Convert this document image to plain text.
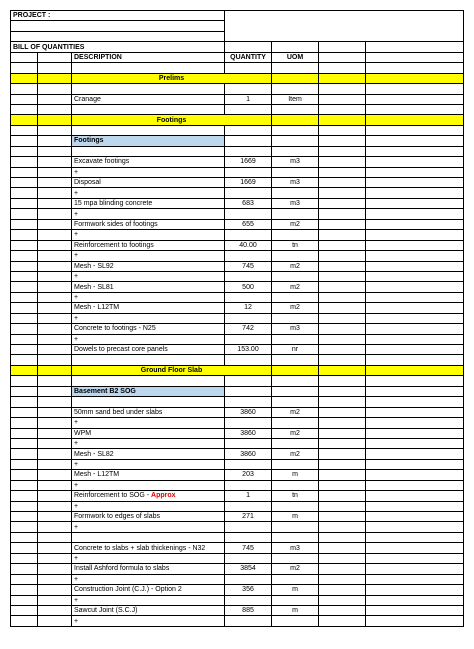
PROJECT :						

BILL OF QUANTITIES						
		DESCRIPTION	QUANTITY	UOM		

		Prelims				

		Cranage	1	Item		

		Footings				

		Footings				

		Excavate footings	1669	m3		
		+				
		Disposal	1669	m3		
		+				
		15 mpa blinding concrete	683	m3		
		+				
		Formwork sides of footings	655	m2		
		+				
		Reinforcement to footings	40.00	tn		
		+				
		Mesh - SL92	745	m2		
		+				
		Mesh - SL81	500	m2		
		+				
		Mesh - L12TM	12	m2		
		+				
		Concrete to footings - N25	742	m3		
		+				
		Dowels to precast core panels	153.00	nr		

		Ground Floor Slab				

		Basement B2 SOG				

		50mm sand bed under slabs	3860	m2		
		+				
		WPM	3860	m2		
		+				
		Mesh - SL82	3860	m2		
		+				
		Mesh - L12TM	203	m		
		+				
		Reinforcement to SOG - Approx	1	tn		
		+				
		Formwork to edges of slabs	271	m		
		+				

		Concrete to slabs + slab thickenings - N32	745	m3		
		+				
		Install Ashford formula to slabs	3854	m2		
		+				
		Construction Joint (C.J.) - Option 2	356	m		
		+				
		Sawcut Joint (S.C.J)	885	m		
		+				
